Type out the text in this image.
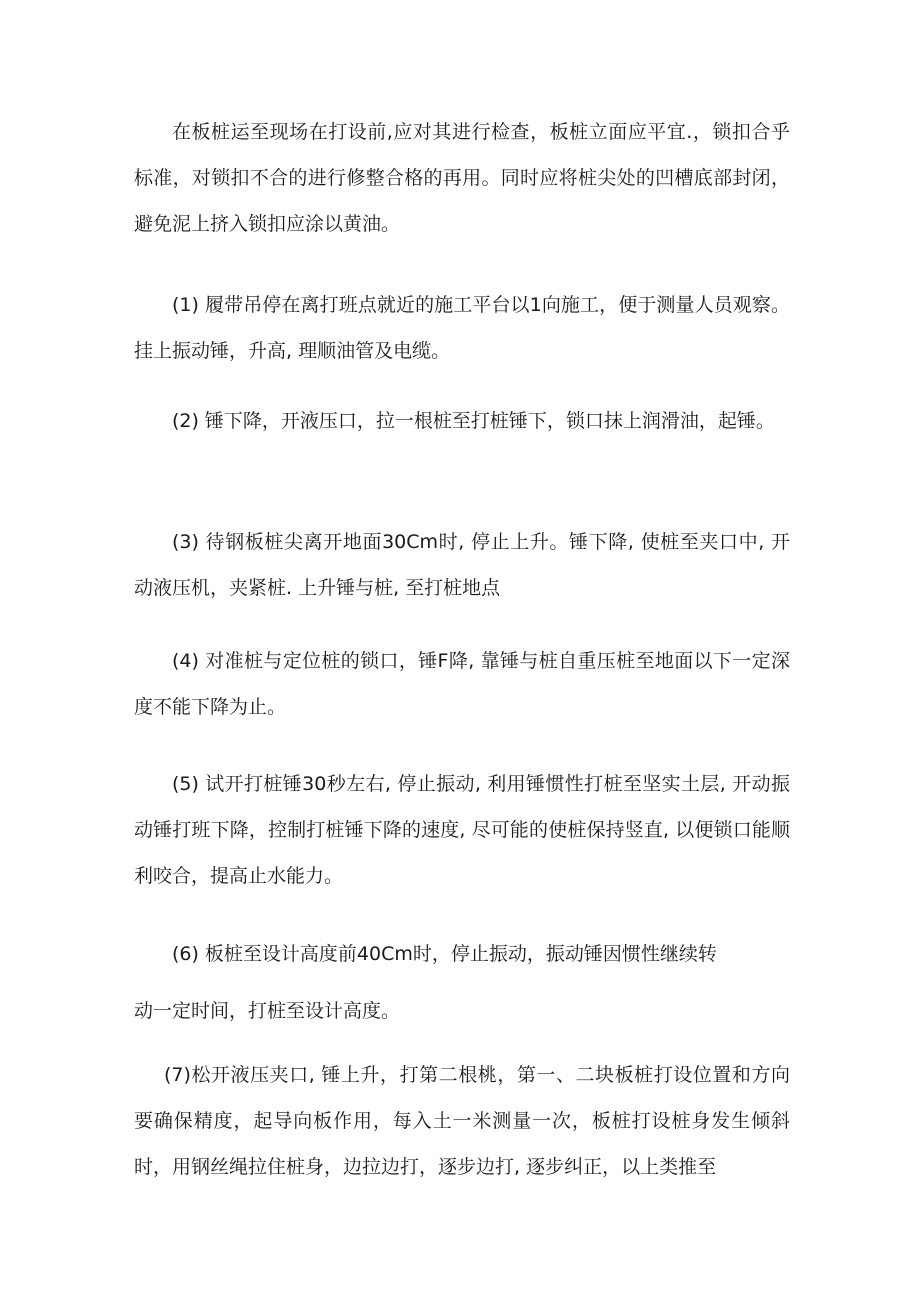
在板桩运至现场在打设前,应对其进行检查，板桩立面应平宜.，锁扣合乎标准，对锁扣不合的进行修整合格的再用。同时应将桩尖处的凹槽底部封闭，避免泥上挤入锁扣应涂以黄油。

(1) 履带吊停在离打班点就近的施工平台以1向施工，便于测量人员观察。挂上振动锤，升高, 理顺油管及电缆。

(2) 锤下降，开液压口，拉一根桩至打桩锤下，锁口抹上润滑油，起锤。

(3) 待钢板桩尖离开地面30Cm时, 停止上升。锤下降, 使桩至夹口中, 开动液压机，夹紧桩. 上升锤与桩, 至打桩地点

(4) 对准桩与定位桩的锁口，锤F降, 靠锤与桩自重压桩至地面以下一定深度不能下降为止。

(5) 试开打桩锤30秒左右, 停止振动, 利用锤惯性打桩至坚实土层, 开动振动锤打班下降，控制打桩锤下降的速度, 尽可能的使桩保持竖直, 以便锁口能顺利咬合，提高止水能力。

(6) 板桩至设计高度前40Cm时，停止振动，振动锤因惯性继续转

动一定时间，打桩至设计高度。

(7)松开液压夹口, 锤上升，打第二根桃，第一、二块板桩打设位置和方向要确保精度，起导向板作用，每入土一米测量一次，板桩打设桩身发生倾斜时，用钢丝绳拉住桩身，边拉边打，逐步边打, 逐步纠正，以上类推至
